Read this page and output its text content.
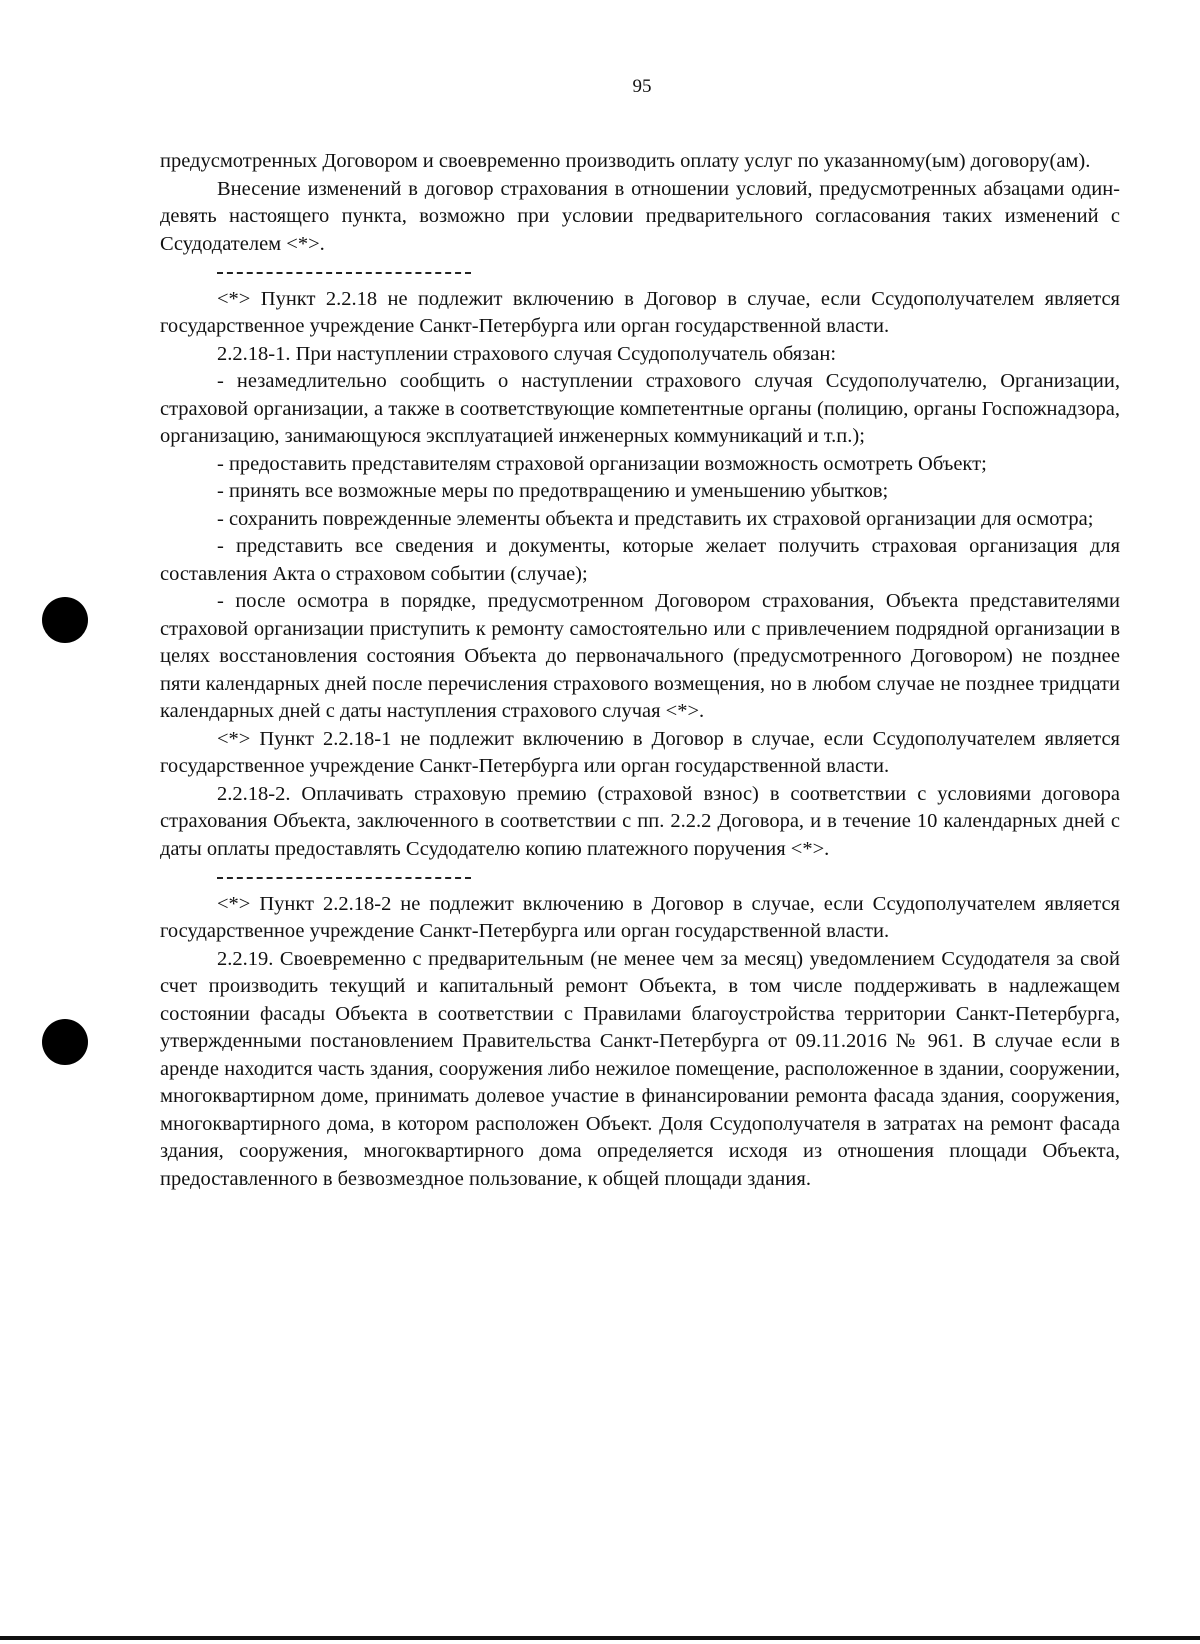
95

предусмотренных Договором и своевременно производить оплату услуг по указанному(ым) договору(ам).

Внесение изменений в договор страхования в отношении условий, предусмотренных абзацами один-девять настоящего пункта, возможно при условии предварительного согласования таких изменений с Ссудодателем <*>.

<*> Пункт 2.2.18 не подлежит включению в Договор в случае, если Ссудополучателем является государственное учреждение Санкт-Петербурга или орган государственной власти.

2.2.18-1. При наступлении страхового случая Ссудополучатель обязан:

- незамедлительно сообщить о наступлении страхового случая Ссудополучателю, Организации, страховой организации, а также в соответствующие компетентные органы (полицию, органы Госпожнадзора, организацию, занимающуюся эксплуатацией инженерных коммуникаций и т.п.);

- предоставить представителям страховой организации возможность осмотреть Объект;

- принять все возможные меры по предотвращению и уменьшению убытков;

- сохранить поврежденные элементы объекта и представить их страховой организации для осмотра;

- представить все сведения и документы, которые желает получить страховая организация для составления Акта о страховом событии (случае);

- после осмотра в порядке, предусмотренном Договором страхования, Объекта представителями страховой организации приступить к ремонту самостоятельно или с привлечением подрядной организации в целях восстановления состояния Объекта до первоначального (предусмотренного Договором) не позднее пяти календарных дней после перечисления страхового возмещения, но в любом случае не позднее тридцати календарных дней с даты наступления страхового случая <*>.

<*> Пункт 2.2.18-1 не подлежит включению в Договор в случае, если Ссудополучателем является государственное учреждение Санкт-Петербурга или орган государственной власти.

2.2.18-2. Оплачивать страховую премию (страховой взнос) в соответствии с условиями договора страхования Объекта, заключенного в соответствии с пп. 2.2.2 Договора, и в течение 10 календарных дней с даты оплаты предоставлять Ссудодателю копию платежного поручения <*>.

<*> Пункт 2.2.18-2 не подлежит включению в Договор в случае, если Ссудополучателем является государственное учреждение Санкт-Петербурга или орган государственной власти.

2.2.19. Своевременно с предварительным (не менее чем за месяц) уведомлением Ссудодателя за свой счет производить текущий и капитальный ремонт Объекта, в том числе поддерживать в надлежащем состоянии фасады Объекта в соответствии с Правилами благоустройства территории Санкт-Петербурга, утвержденными постановлением Правительства Санкт-Петербурга от 09.11.2016 № 961. В случае если в аренде находится часть здания, сооружения либо нежилое помещение, расположенное в здании, сооружении, многоквартирном доме, принимать долевое участие в финансировании ремонта фасада здания, сооружения, многоквартирного дома, в котором расположен Объект. Доля Ссудополучателя в затратах на ремонт фасада здания, сооружения, многоквартирного дома определяется исходя из отношения площади Объекта, предоставленного в безвозмездное пользование, к общей площади здания.
